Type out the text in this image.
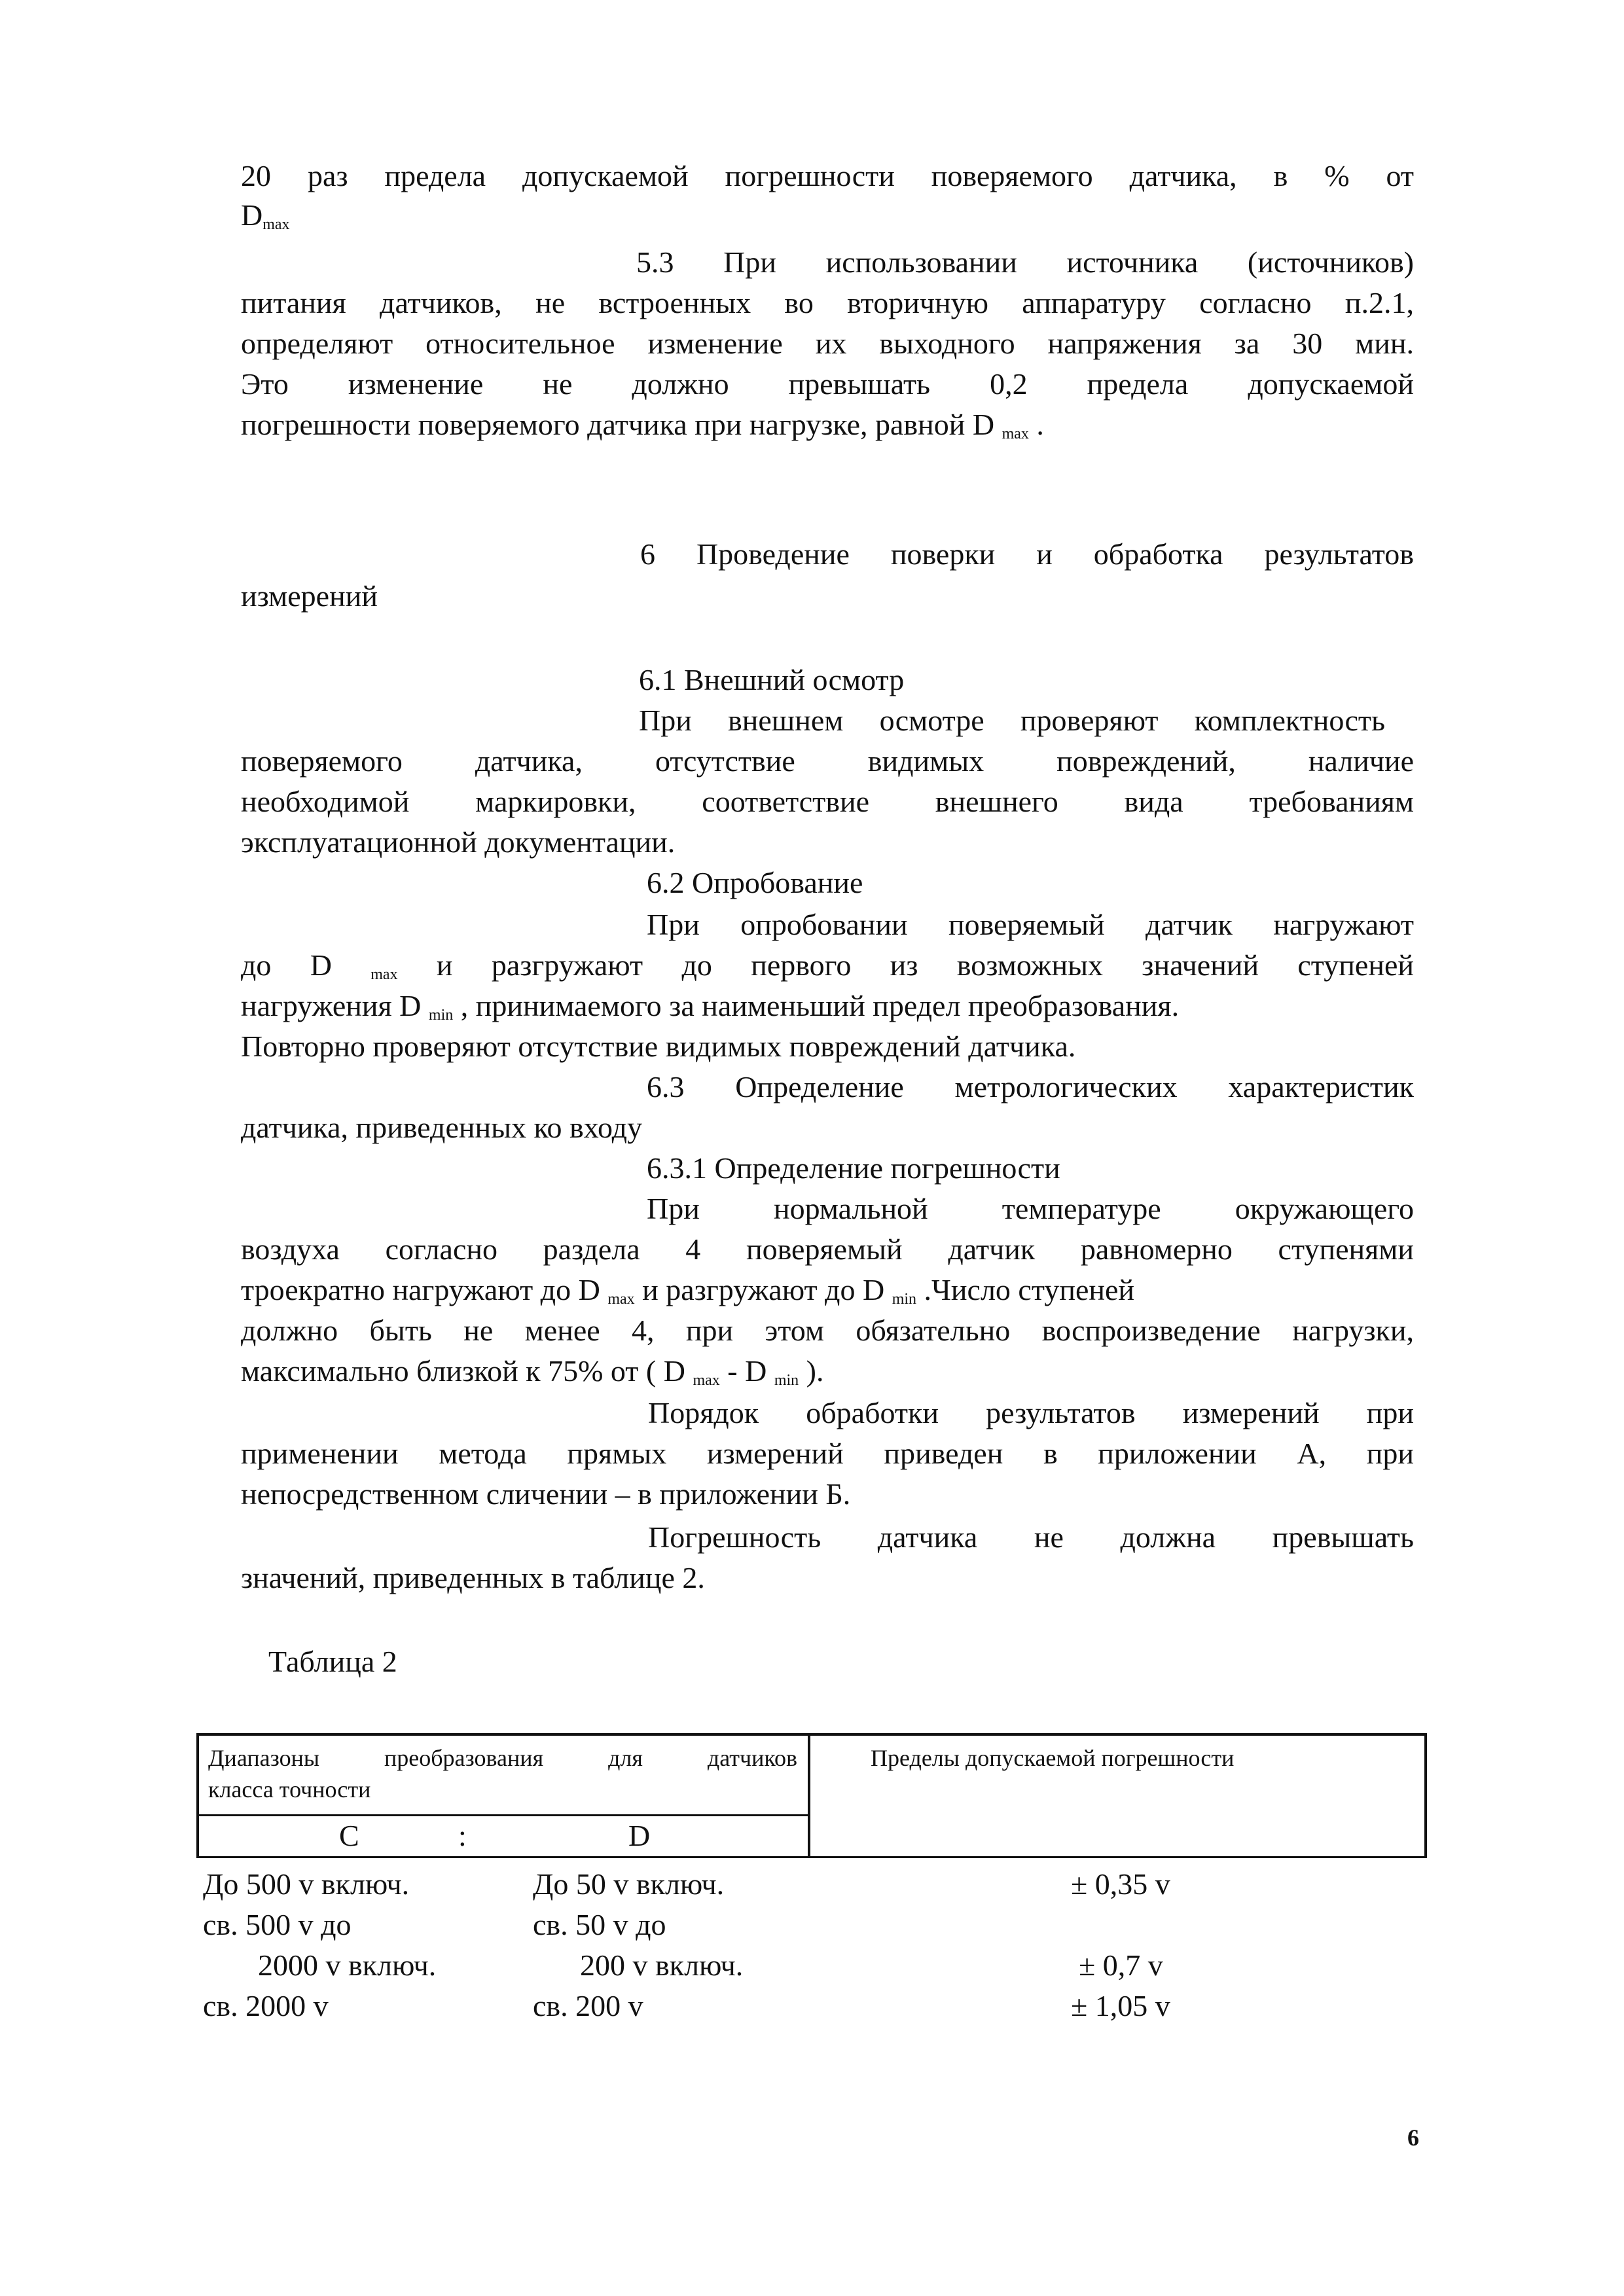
20 раз предела допускаемой погрешности поверяемого датчика, в % от
$D_{max}$
5.3 При использовании источника (источников)
питания датчиков, не встроенных во вторичную аппаратуру согласно п.2.1,
определяют относительное изменение их выходного напряжения за 30 мин.
Это изменение не должно превышать 0,2 предела допускаемой
погрешности поверяемого датчика при нагрузке, равной D $_{max}$ .
6 Проведение поверки и обработка результатов
измерений
6.1 Внешний осмотр
При внешнем осмотре проверяют комплектность
поверяемого датчика, отсутствие видимых повреждений, наличие
необходимой маркировки, соответствие внешнего вида требованиям
эксплуатационной документации.
6.2 Опробование
При опробовании поверяемый датчик нагружают
до D $_{max}$ и разгружают до первого из возможных значений ступеней
нагружения D $_{min}$ , принимаемого за наименьший предел преобразования.
Повторно проверяют отсутствие видимых повреждений датчика.
6.3 Определение метрологических характеристик
датчика, приведенных ко входу
6.3.1 Определение погрешности
При нормальной температуре окружающего
воздуха согласно раздела 4 поверяемый датчик равномерно ступенями
троекратно нагружают до D $_{max}$ и разгружают до D $_{min}$ .Число ступеней
должно быть не менее 4, при этом обязательно воспроизведение нагрузки,
максимально близкой к 75% от ( D $_{max}$ - D $_{min}$ ).
Порядок обработки результатов измерений при
применении метода прямых измерений приведен в приложении А, при
непосредственном сличении – в приложении Б.
Погрешность датчика не должна превышать
значений, приведенных в таблице 2.
Таблица 2
Диапазоны преобразования для датчиков
класса точности
Пределы допускаемой погрешности
С	:	D
До 500 v включ.	До 50 v включ.	± 0,35 v
св. 500 v до	св. 50 v до
2000 v включ.	200 v включ.	± 0,7 v
св. 2000 v	св. 200 v	± 1,05 v
6
